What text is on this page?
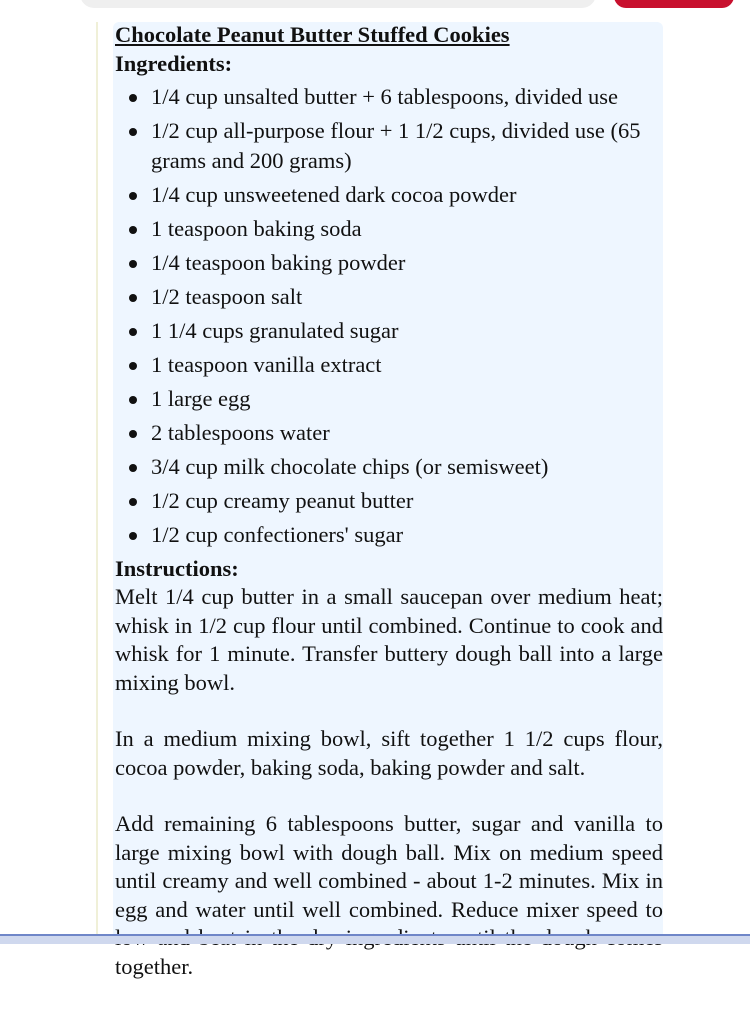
Chocolate Peanut Butter Stuffed Cookies
Ingredients:
1/4 cup unsalted butter + 6 tablespoons, divided use
1/2 cup all-purpose flour + 1 1/2 cups, divided use (65 grams and 200 grams)
1/4 cup unsweetened dark cocoa powder
1 teaspoon baking soda
1/4 teaspoon baking powder
1/2 teaspoon salt
1 1/4 cups granulated sugar
1 teaspoon vanilla extract
1 large egg
2 tablespoons water
3/4 cup milk chocolate chips (or semisweet)
1/2 cup creamy peanut butter
1/2 cup confectioners' sugar
Instructions:

Melt 1/4 cup butter in a small saucepan over medium heat; whisk in 1/2 cup flour until combined. Continue to cook and whisk for 1 minute. Transfer buttery dough ball into a large mixing bowl.

In a medium mixing bowl, sift together 1 1/2 cups flour, cocoa powder, baking soda, baking powder and salt.

Add remaining 6 tablespoons butter, sugar and vanilla to large mixing bowl with dough ball. Mix on medium speed until creamy and well combined - about 1-2 minutes. Mix in egg and water until well combined. Reduce mixer speed to together.
